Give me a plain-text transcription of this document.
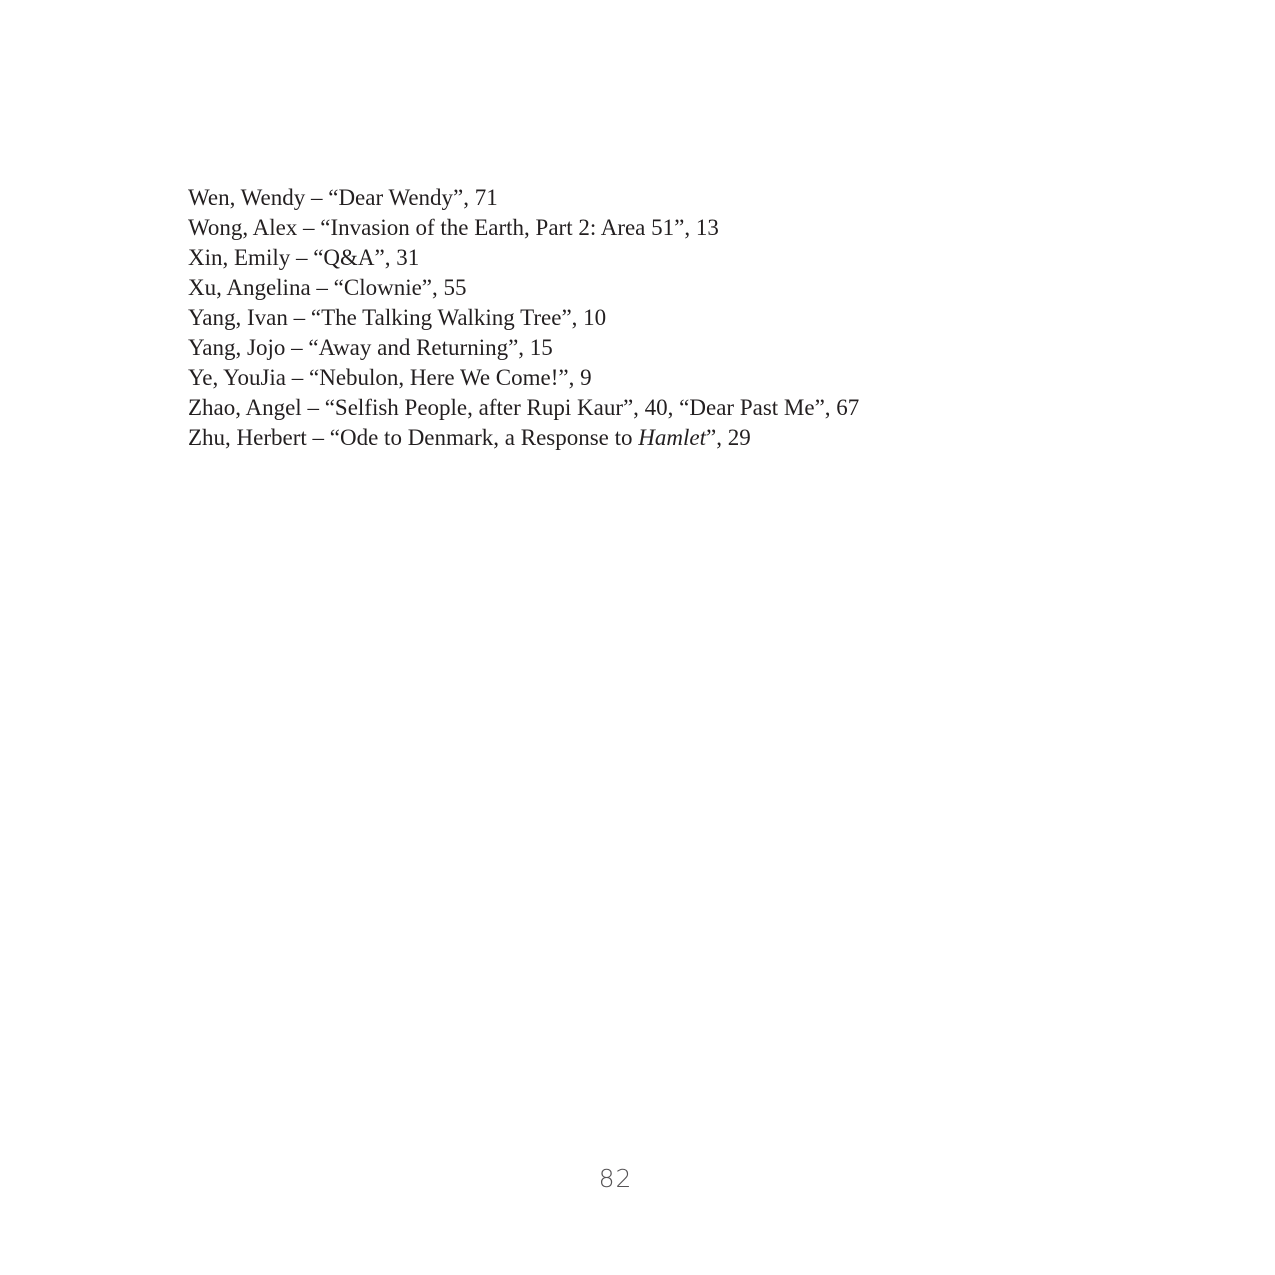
Wen, Wendy – “Dear Wendy”, 71
Wong, Alex – “Invasion of the Earth, Part 2: Area 51”, 13
Xin, Emily – “Q&A”, 31
Xu, Angelina – “Clownie”, 55
Yang, Ivan – “The Talking Walking Tree”, 10
Yang, Jojo – “Away and Returning”, 15
Ye, YouJia – “Nebulon, Here We Come!”, 9
Zhao, Angel – “Selfish People, after Rupi Kaur”, 40, “Dear Past Me”, 67
Zhu, Herbert – “Ode to Denmark, a Response to Hamlet”, 29
82
